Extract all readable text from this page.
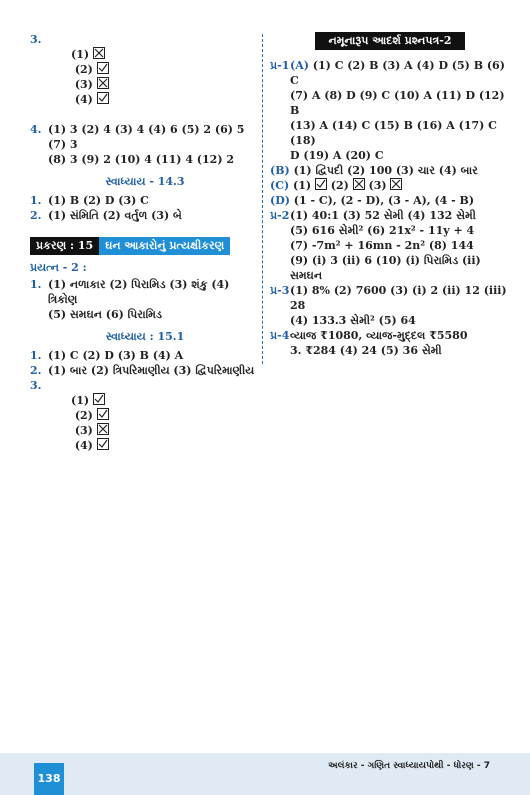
3.

(1)

(2)

(3)

(4)

4. (1) 3 (2) 4 (3) 4 (4) 6 (5) 2 (6) 5 (7) 3
(8) 3 (9) 2 (10) 4 (11) 4 (12) 2
સ્વાધ્યાય - 14.3
1. (1) B (2) D (3) C
2. (1) સંમિતિ (2) વર્તુળ (3) બે
પ્રકરણ : 15	ઘન આકારોનું પ્રત્યક્ષીકરણ
પ્રયત્ન - 2 :
1. (1) નળાકાર (2) પિરામિડ (3) શંકુ (4) ત્રિકોણ
(5) સમઘન (6) પિરામિડ
સ્વાધ્યાય : 15.1
1. (1) C (2) D (3) B (4) A
2. (1) બાર (2) ત્રિપરિમાણીય (3) દ્વિપરિમાણીય
3.

(1)

(2)

(3)

(4)

નમૂનારૂપ આદર્શ પ્રશ્નપત્ર-2
પ્ર-1 (A) (1) C (2) B (3) A (4) D (5) B (6) C
(7) A (8) D (9) C (10) A (11) D (12) B
(13) A (14) C (15) B (16) A (17) C (18)
D (19) A (20) C
(B) (1) દ્વિપદી (2) 100 (3) ચાર (4) બાર
(C) (1)
(2)
(3)
(D) (1 - C), (2 - D), (3 - A), (4 - B)
પ્ર-2 (1) 40:1 (3) 52 સેમી (4) 132 સેમી
(5) 616 સેમી² (6) 21x² - 11y + 4
(7) -7m² + 16mn - 2n² (8) 144
(9) (i) 3 (ii) 6 (10) (i) પિરામિડ (ii) સમઘન
પ્ર-3 (1) 8% (2) 7600 (3) (i) 2 (ii) 12 (iii) 28
(4) 133.3 સેમી² (5) 64
પ્ર-4 વ્યાજ ₹1080, વ્યાજ-મુદ્દલ ₹5580
3. ₹284 (4) 24 (5) 36 સેમી
અલંકાર - ગણિત સ્વાધ્યાયપોથી - ધોરણ - 7
138
